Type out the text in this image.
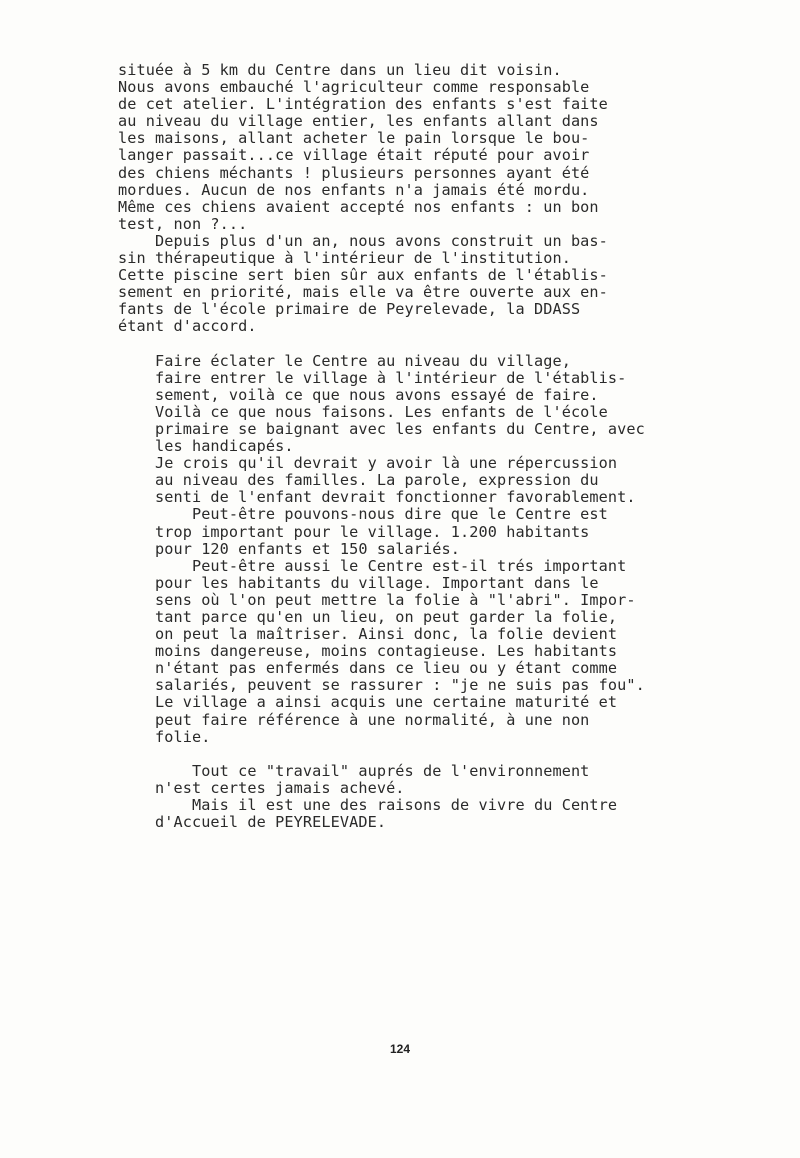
située à 5 km du Centre dans un lieu dit voisin.
Nous avons embauché l'agriculteur comme responsable
de cet atelier. L'intégration des enfants s'est faite
au niveau du village entier, les enfants allant dans
les maisons, allant acheter le pain lorsque le bou-
langer passait...ce village était réputé pour avoir
des chiens méchants ! plusieurs personnes ayant été
mordues. Aucun de nos enfants n'a jamais été mordu.
Même ces chiens avaient accepté nos enfants : un bon
test, non ?...
Depuis plus d'un an, nous avons construit un bas-
sin thérapeutique à l'intérieur de l'institution.
Cette piscine sert bien sûr aux enfants de l'établis-
sement en priorité, mais elle va être ouverte aux en-
fants de l'école primaire de Peyrelevade, la DDASS
étant d'accord.
Faire éclater le Centre au niveau du village,
faire entrer le village à l'intérieur de l'établis-
sement, voilà ce que nous avons essayé de faire.
Voilà ce que nous faisons. Les enfants de l'école
primaire se baignant avec les enfants du Centre, avec
les handicapés.
Je crois qu'il devrait y avoir là une répercussion
au niveau des familles. La parole, expression du
senti de l'enfant devrait fonctionner favorablement.
Peut-être pouvons-nous dire que le Centre est
trop important pour le village. 1.200 habitants
pour 120 enfants et 150 salariés.
Peut-être aussi le Centre est-il trés important
pour les habitants du village. Important dans le
sens où l'on peut mettre la folie à "l'abri". Impor-
tant parce qu'en un lieu, on peut garder la folie,
on peut la maîtriser. Ainsi donc, la folie devient
moins dangereuse, moins contagieuse. Les habitants
n'étant pas enfermés dans ce lieu ou y étant comme
salariés, peuvent se rassurer : "je ne suis pas fou".
Le village a ainsi acquis une certaine maturité et
peut faire référence à une normalité, à une non
folie.
Tout ce "travail" auprés de l'environnement
n'est certes jamais achevé.
Mais il est une des raisons de vivre du Centre
d'Accueil de PEYRELEVADE.
124
